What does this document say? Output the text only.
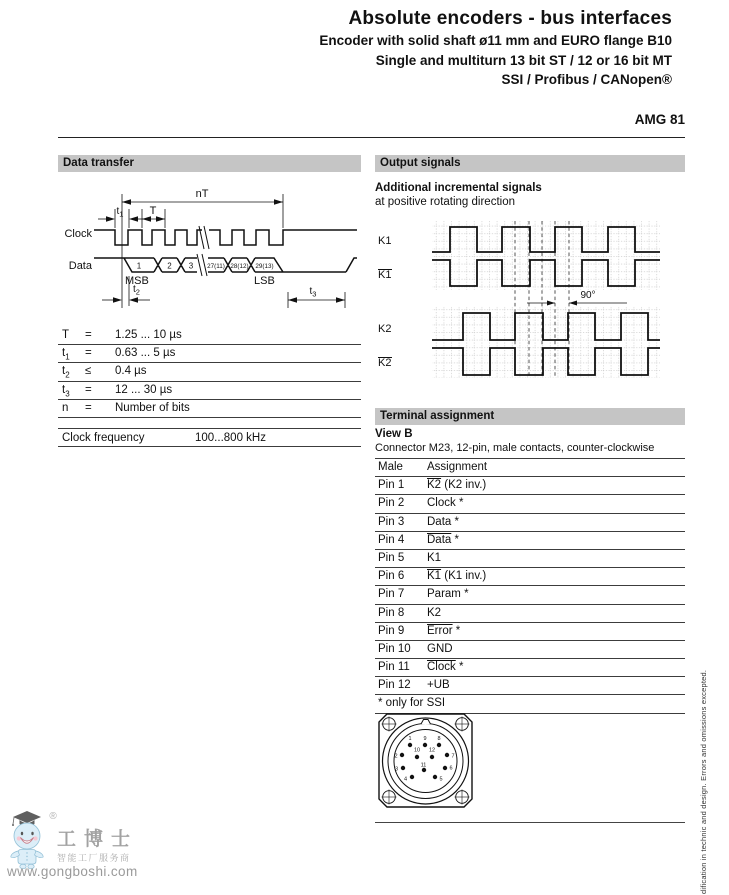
Absolute encoders - bus interfaces
Encoder with solid shaft ø11 mm and EURO flange B10
Single and multiturn 13 bit ST / 12 or 16 bit MT
SSI / Profibus / CANopen®
AMG 81
Data transfer
Clock
Data
nT
T
$t_1$
$t_2$	$t_3$
MSB	LSB
1	2 3 27(11) 28(12) 29(13)
T	=	1.25 ... 10 µs
$t_1$	=	0.63 ... 5 µs
$t_2$	≤	0.4 µs
$t_3$	=	12 ... 30 µs
n	=	Number of bits
Clock frequency	100...800 kHz
Output signals
Additional incremental signals
at positive rotating direction
K1
K1
K2
K2
90°
Terminal assignment
View B
Connector M23, 12-pin, male contacts, counter-clockwise
Male	Assignment
Pin 1	K2 (K2 inv.)
Pin 2	Clock *
Pin 3	Data *
Pin 4	Data *
Pin 5	K1
Pin 6	K1 (K1 inv.)
Pin 7	Param *
Pin 8	K2
Pin 9	Error *
Pin 10	GND
Pin 11	Clock *
Pin 12	+UB
* only for SSI
1 9 8
2
10 12
7
3	6
4
11
5	dification in technic and design. Errors and omissions excepted.
®
工博士
智能工厂服务商
www.gongboshi.com
